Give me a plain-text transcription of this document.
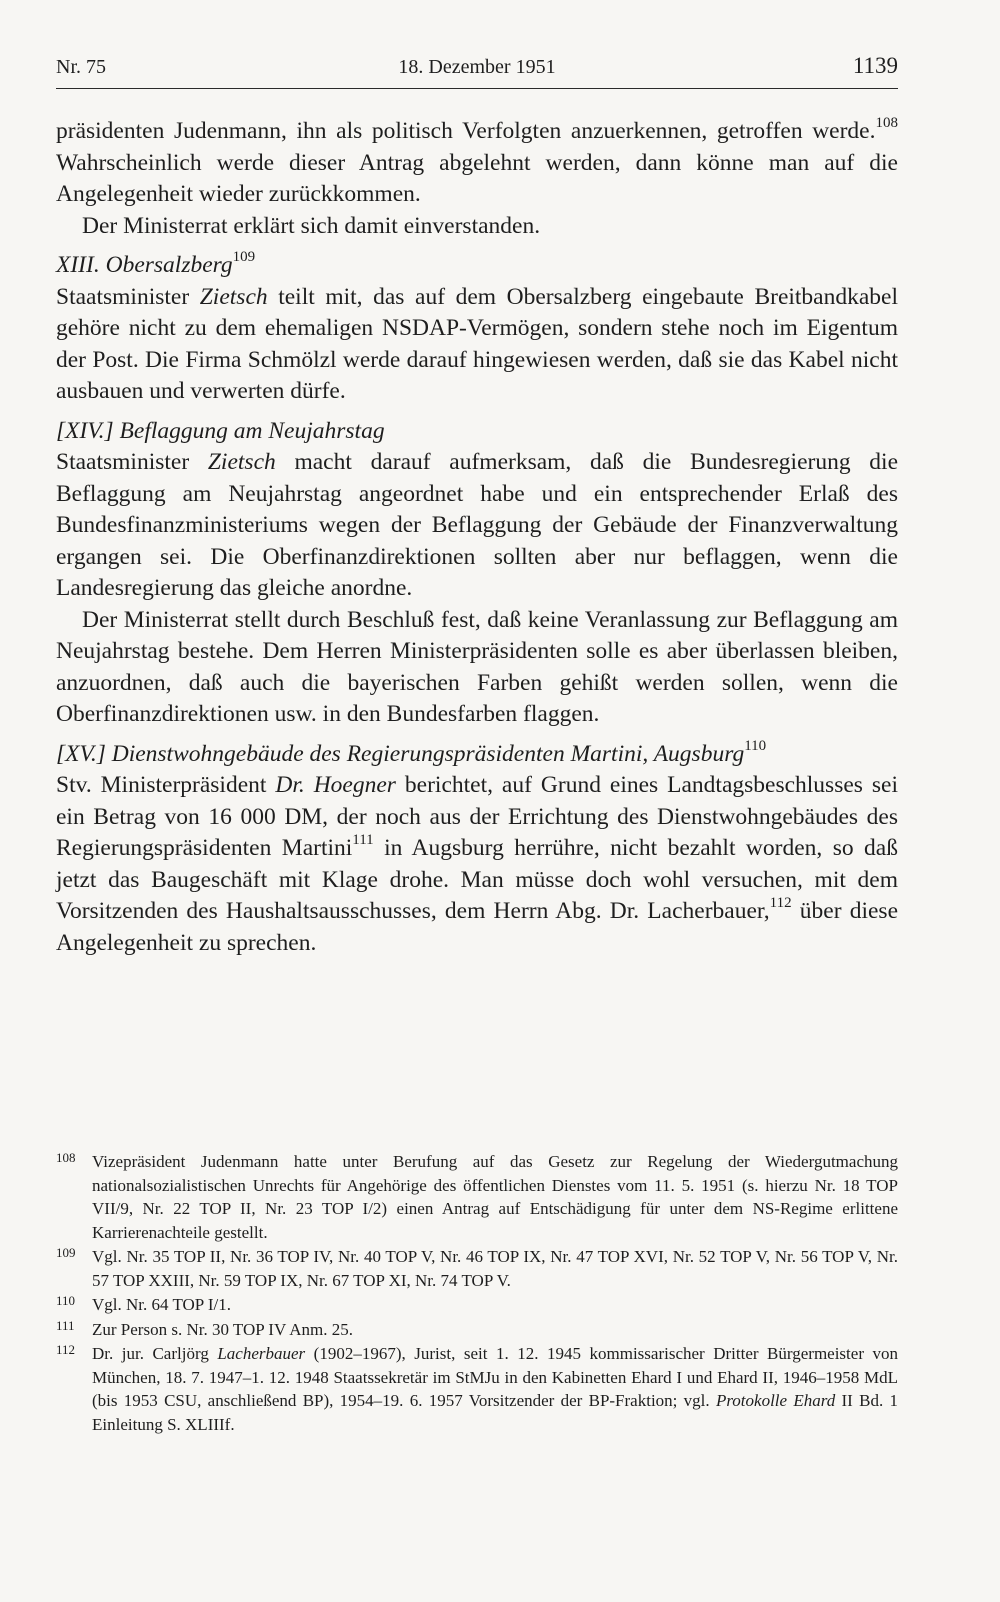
Nr. 75	18. Dezember 1951	1139

präsidenten Judenmann, ihn als politisch Verfolgten anzuerkennen, getroffen werde.$^{108}$ Wahrscheinlich werde dieser Antrag abgelehnt werden, dann könne man auf die Angelegenheit wieder zurückkommen.

Der Ministerrat erklärt sich damit einverstanden.

XIII. Obersalzberg$^{109}$

Staatsminister Zietsch teilt mit, das auf dem Obersalzberg eingebaute Breitbandkabel gehöre nicht zu dem ehemaligen NSDAP-Vermögen, sondern stehe noch im Eigentum der Post. Die Firma Schmölzl werde darauf hingewiesen werden, daß sie das Kabel nicht ausbauen und verwerten dürfe.

[XIV.] Beflaggung am Neujahrstag

Staatsminister Zietsch macht darauf aufmerksam, daß die Bundesregierung die Beflaggung am Neujahrstag angeordnet habe und ein entsprechender Erlaß des Bundesfinanzministeriums wegen der Beflaggung der Gebäude der Finanzverwaltung ergangen sei. Die Oberfinanzdirektionen sollten aber nur beflaggen, wenn die Landesregierung das gleiche anordne.

Der Ministerrat stellt durch Beschluß fest, daß keine Veranlassung zur Beflaggung am Neujahrstag bestehe. Dem Herren Ministerpräsidenten solle es aber überlassen bleiben, anzuordnen, daß auch die bayerischen Farben gehißt werden sollen, wenn die Oberfinanzdirektionen usw. in den Bundesfarben flaggen.

[XV.] Dienstwohngebäude des Regierungspräsidenten Martini, Augsburg$^{110}$

Stv. Ministerpräsident Dr. Hoegner berichtet, auf Grund eines Landtagsbeschlusses sei ein Betrag von 16 000 DM, der noch aus der Errichtung des Dienstwohngebäudes des Regierungspräsidenten Martini$^{111}$ in Augsburg herrühre, nicht bezahlt worden, so daß jetzt das Baugeschäft mit Klage drohe. Man müsse doch wohl versuchen, mit dem Vorsitzenden des Haushaltsausschusses, dem Herrn Abg. Dr. Lacherbauer,$^{112}$ über diese Angelegenheit zu sprechen.

108 Vizepräsident Judenmann hatte unter Berufung auf das Gesetz zur Regelung der Wiedergutmachung nationalsozialistischen Unrechts für Angehörige des öffentlichen Dienstes vom 11. 5. 1951 (s. hierzu Nr. 18 TOP VII/9, Nr. 22 TOP II, Nr. 23 TOP I/2) einen Antrag auf Entschädigung für unter dem NS-Regime erlittene Karrierenachteile gestellt.

109 Vgl. Nr. 35 TOP II, Nr. 36 TOP IV, Nr. 40 TOP V, Nr. 46 TOP IX, Nr. 47 TOP XVI, Nr. 52 TOP V, Nr. 56 TOP V, Nr. 57 TOP XXIII, Nr. 59 TOP IX, Nr. 67 TOP XI, Nr. 74 TOP V.

110 Vgl. Nr. 64 TOP I/1.

111 Zur Person s. Nr. 30 TOP IV Anm. 25.

112 Dr. jur. Carljörg Lacherbauer (1902–1967), Jurist, seit 1. 12. 1945 kommissarischer Dritter Bürgermeister von München, 18. 7. 1947–1. 12. 1948 Staatssekretär im StMJu in den Kabinetten Ehard I und Ehard II, 1946–1958 MdL (bis 1953 CSU, anschließend BP), 1954–19. 6. 1957 Vorsitzender der BP-Fraktion; vgl. Protokolle Ehard II Bd. 1 Einleitung S. XLIIIf.
